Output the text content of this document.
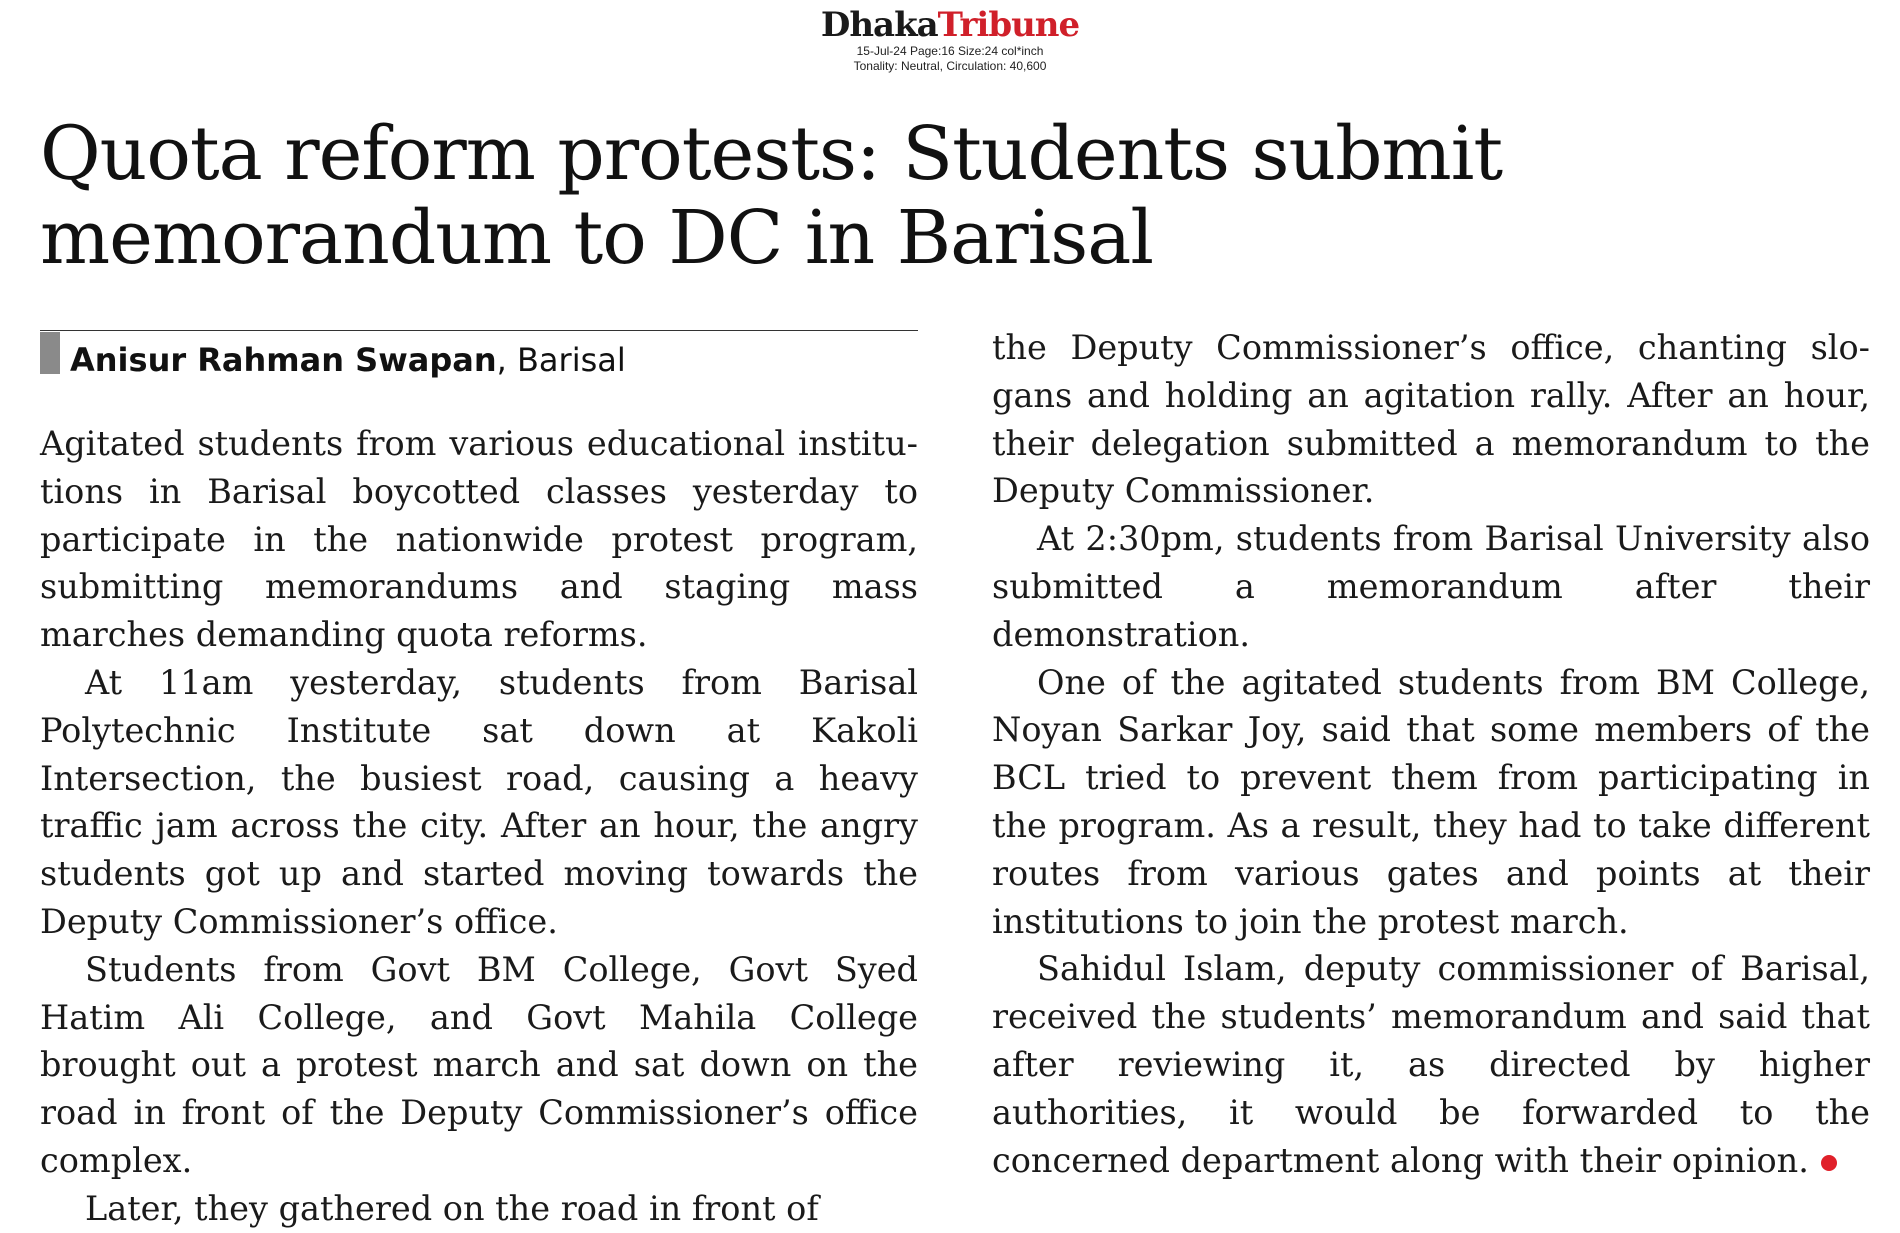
DhakaTribune
15-Jul-24 Page:16 Size:24 col*inch
Tonality: Neutral, Circulation: 40,600
Quota reform protests: Students submit memorandum to DC in Barisal
Anisur Rahman Swapan, Barisal

Agitated students from various educational institutions in Barisal boycotted classes yesterday to participate in the nationwide protest program, submitting memorandums and staging mass marches demanding quota reforms.

At 11am yesterday, students from Barisal Polytechnic Institute sat down at Kakoli Intersection, the busiest road, causing a heavy traffic jam across the city. After an hour, the angry students got up and started moving towards the Deputy Commissioner’s office.

Students from Govt BM College, Govt Syed Hatim Ali College, and Govt Mahila College brought out a protest march and sat down on the road in front of the Deputy Commissioner’s office complex.

Later, they gathered on the road in front of

the Deputy Commissioner’s office, chanting slogans and holding an agitation rally. After an hour, their delegation submitted a memorandum to the Deputy Commissioner.

At 2:30pm, students from Barisal University also submitted a memorandum after their demonstration.

One of the agitated students from BM College, Noyan Sarkar Joy, said that some members of the BCL tried to prevent them from participating in the program. As a result, they had to take different routes from various gates and points at their institutions to join the protest march.

Sahidul Islam, deputy commissioner of Barisal, received the students’ memorandum and said that after reviewing it, as directed by higher authorities, it would be forwarded to the concerned department along with their opinion.
